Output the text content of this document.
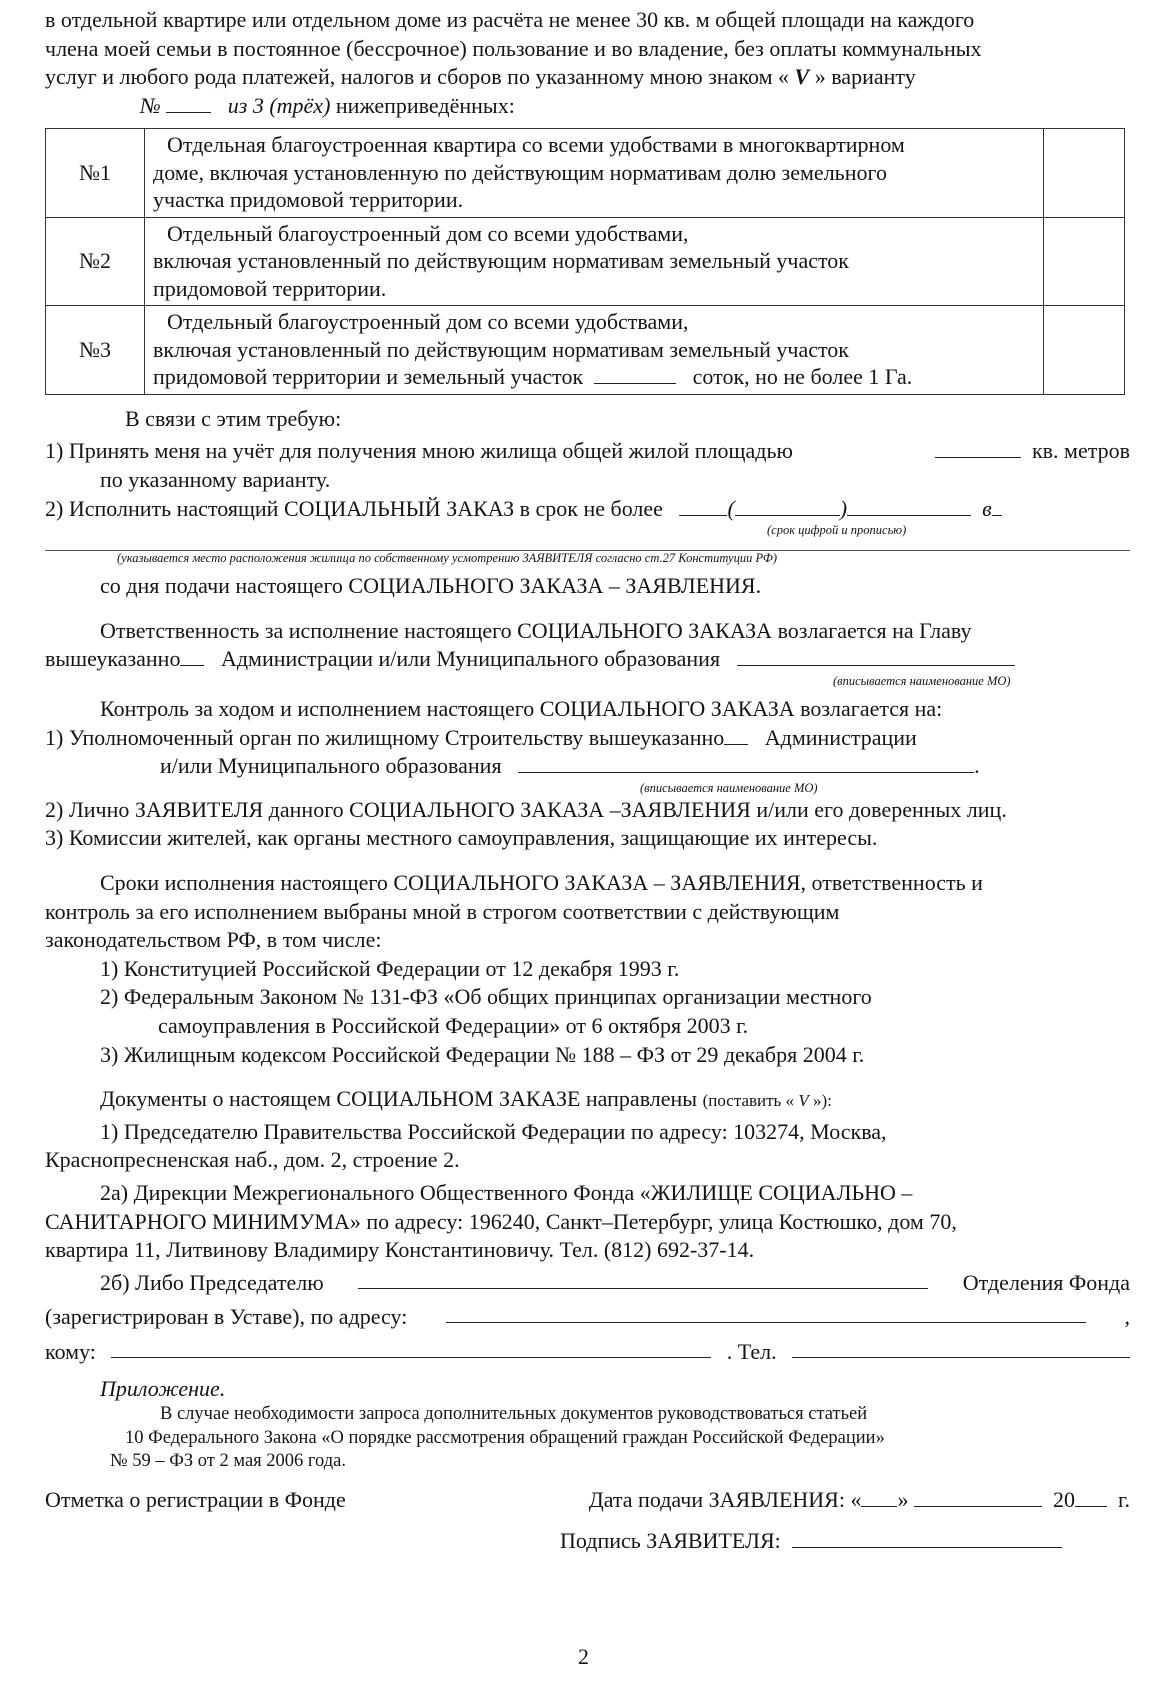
в отдельной квартире или отдельном доме из расчёта не менее 30 кв. м общей площади на каждого

члена моей семьи в постоянное (бессрочное) пользование и во владение, без оплаты коммунальных

услуг и любого рода платежей, налогов и сборов по указанному мною знаком « V » варианту

№	из 3 (трёх) нижеприведённых:

№1	Отдельная благоустроенная квартира со всеми удобствами в многоквартирном
доме, включая установленную по действующим нормативам долю земельного
участка придомовой территории.	

№2	Отдельный благоустроенный дом со всеми удобствами,
включая установленный по действующим нормативам земельный участок
придомовой территории.	

№3	Отдельный благоустроенный дом со всеми удобствами,
включая установленный по действующим нормативам земельный участок
придомовой территории и земельный участок соток, но не более 1 Га.	

В связи с этим требую:

1) Принять меня на учёт для получения мною жилища общей жилой площадью	кв. метров

по указанному варианту.

2) Исполнить настоящий СОЦИАЛЬНЫЙ ЗАКАЗ в срок не более	(	)	в

(срок цифрой и прописью)

(указывается место расположения жилища по собственному усмотрению ЗАЯВИТЕЛЯ согласно ст.27 Конституции РФ)

со дня подачи настоящего СОЦИАЛЬНОГО ЗАКАЗА – ЗАЯВЛЕНИЯ.

Ответственность за исполнение настоящего СОЦИАЛЬНОГО ЗАКАЗА возлагается на Главу

вышеуказанно Администрации и/или Муниципального образования

(вписывается наименование МО)

Контроль за ходом и исполнением настоящего СОЦИАЛЬНОГО ЗАКАЗА возлагается на:

1) Уполномоченный орган по жилищному Строительству вышеуказанно Администрации

и/или Муниципального образования	.

(вписывается наименование МО)

2) Лично ЗАЯВИТЕЛЯ данного СОЦИАЛЬНОГО ЗАКАЗА –ЗАЯВЛЕНИЯ и/или его доверенных лиц.

3) Комиссии жителей, как органы местного самоуправления, защищающие их интересы.

Сроки исполнения настоящего СОЦИАЛЬНОГО ЗАКАЗА – ЗАЯВЛЕНИЯ, ответственность и

контроль за его исполнением выбраны мной в строгом соответствии с действующим

законодательством РФ, в том числе:

1) Конституцией Российской Федерации от 12 декабря 1993 г.

2) Федеральным Законом № 131-ФЗ «Об общих принципах организации местного

самоуправления в Российской Федерации» от 6 октября 2003 г.

3) Жилищным кодексом Российской Федерации № 188 – ФЗ от 29 декабря 2004 г.

Документы о настоящем СОЦИАЛЬНОМ ЗАКАЗЕ направлены (поставить « V »):

1) Председателю Правительства Российской Федерации по адресу: 103274, Москва,

Краснопресненская наб., дом. 2, строение 2.

2а) Дирекции Межрегионального Общественного Фонда «ЖИЛИЩЕ СОЦИАЛЬНО –

САНИТАРНОГО МИНИМУМА» по адресу: 196240, Санкт–Петербург, улица Костюшко, дом 70,

квартира 11, Литвинову Владимиру Константиновичу. Тел. (812) 692-37-14.

2б) Либо Председателю	Отделения Фонда
(зарегистрирован в Уставе), по адресу:	,
кому:	. Тел.

Приложение.

В случае необходимости запроса дополнительных документов руководствоваться статьей

10 Федерального Закона «О порядке рассмотрения обращений граждан Российской Федерации»

№ 59 – ФЗ от 2 мая 2006 года.

Отметка о регистрации в Фонде	Дата подачи ЗАЯВЛЕНИЯ: « »	20 г.

Подпись ЗАЯВИТЕЛЯ:

2
